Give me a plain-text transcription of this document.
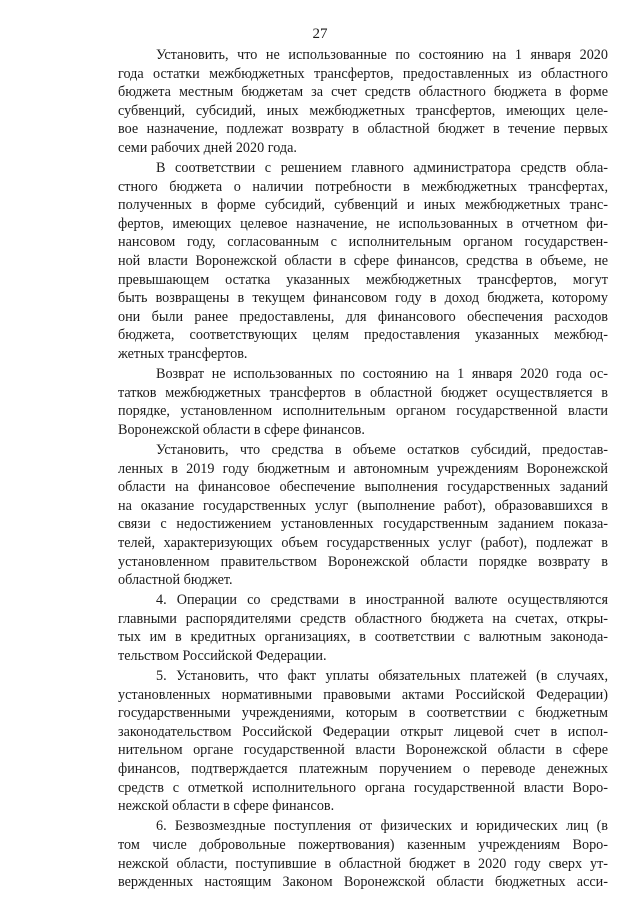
27
Установить, что не использованные по состоянию на 1 января 2020
года остатки межбюджетных трансфертов, предоставленных из областного
бюджета местным бюджетам за счет средств областного бюджета в форме
субвенций, субсидий, иных межбюджетных трансфертов, имеющих целе-
вое назначение, подлежат возврату в областной бюджет в течение первых
семи рабочих дней 2020 года.
В соответствии с решением главного администратора средств обла-
стного бюджета о наличии потребности в межбюджетных трансфертах,
полученных в форме субсидий, субвенций и иных межбюджетных транс-
фертов, имеющих целевое назначение, не использованных в отчетном фи-
нансовом году, согласованным с исполнительным органом государствен-
ной власти Воронежской области в сфере финансов, средства в объеме, не
превышающем остатка указанных межбюджетных трансфертов, могут
быть возвращены в текущем финансовом году в доход бюджета, которому
они были ранее предоставлены, для финансового обеспечения расходов
бюджета, соответствующих целям предоставления указанных межбюд-
жетных трансфертов.
Возврат не использованных по состоянию на 1 января 2020 года ос-
татков межбюджетных трансфертов в областной бюджет осуществляется в
порядке, установленном исполнительным органом государственной власти
Воронежской области в сфере финансов.
Установить, что средства в объеме остатков субсидий, предостав-
ленных в 2019 году бюджетным и автономным учреждениям Воронежской
области на финансовое обеспечение выполнения государственных заданий
на оказание государственных услуг (выполнение работ), образовавшихся в
связи с недостижением установленных государственным заданием показа-
телей, характеризующих объем государственных услуг (работ), подлежат в
установленном правительством Воронежской области порядке возврату в
областной бюджет.
4. Операции со средствами в иностранной валюте осуществляются
главными распорядителями средств областного бюджета на счетах, откры-
тых им в кредитных организациях, в соответствии с валютным законода-
тельством Российской Федерации.
5. Установить, что факт уплаты обязательных платежей (в случаях,
установленных нормативными правовыми актами Российской Федерации)
государственными учреждениями, которым в соответствии с бюджетным
законодательством Российской Федерации открыт лицевой счет в испол-
нительном органе государственной власти Воронежской области в сфере
финансов, подтверждается платежным поручением о переводе денежных
средств с отметкой исполнительного органа государственной власти Воро-
нежской области в сфере финансов.
6. Безвозмездные поступления от физических и юридических лиц (в
том числе добровольные пожертвования) казенным учреждениям Воро-
нежской области, поступившие в областной бюджет в 2020 году сверх ут-
вержденных настоящим Законом Воронежской области бюджетных асси-
